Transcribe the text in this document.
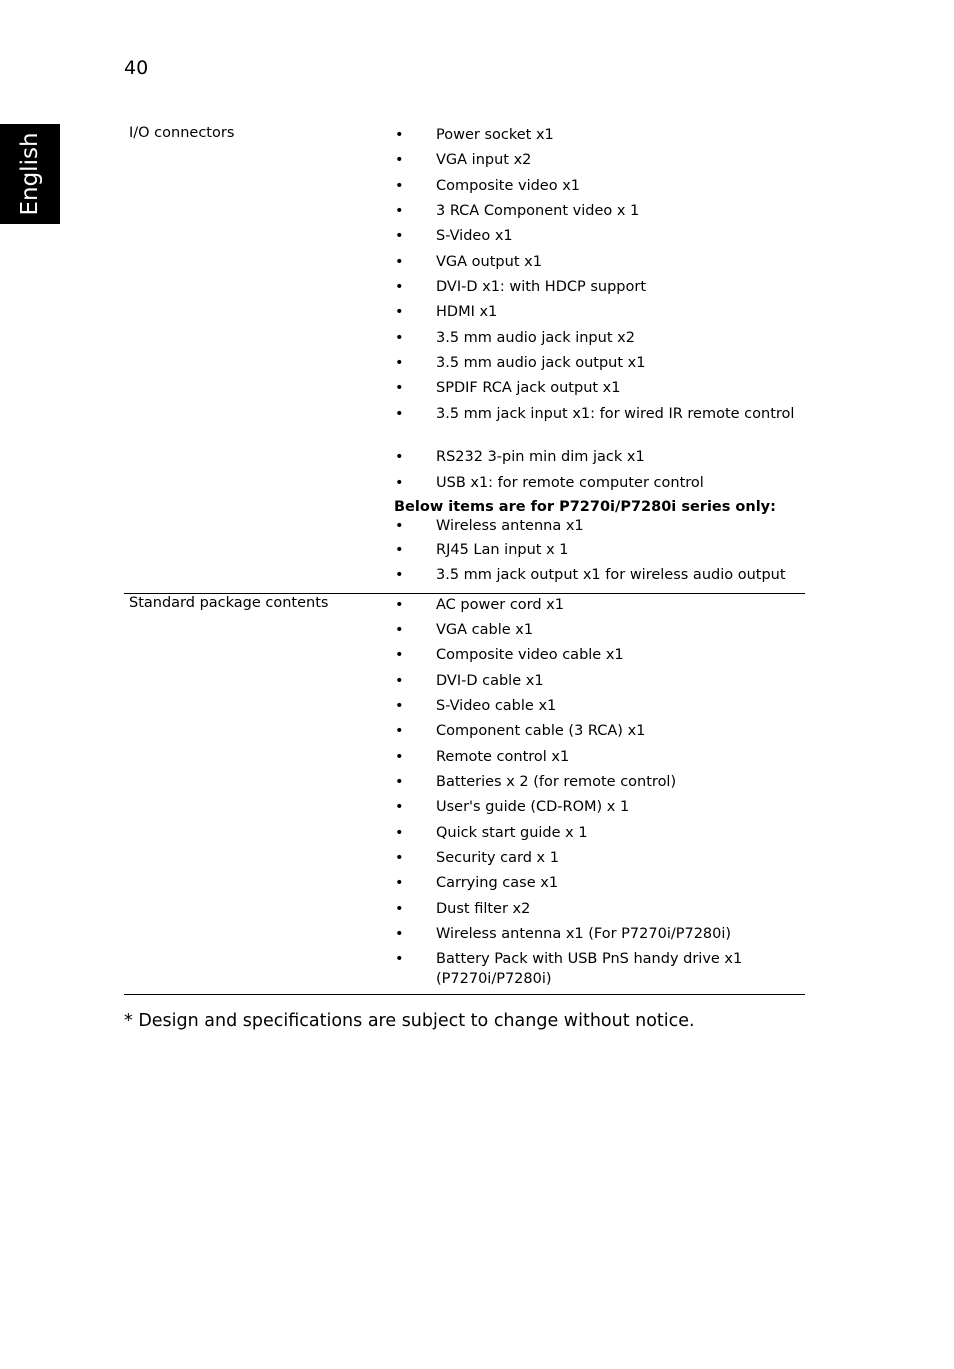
40
English	I/O connectors	• Power socket x1
• VGA input x2
• Composite video x1
• 3 RCA Component video x 1
• S-Video x1
• VGA output x1
• DVI-D x1: with HDCP support
• HDMI x1
• 3.5 mm audio jack input x2
• 3.5 mm audio jack output x1
• SPDIF RCA jack output x1
• 3.5 mm jack input x1: for wired IR remote control
• RS232 3-pin min dim jack x1
• USB x1: for remote computer control
Below items are for P7270i/P7280i series only:
• Wireless antenna x1
• RJ45 Lan input x 1
• 3.5 mm jack output x1 for wireless audio output
Standard package contents	• AC power cord x1
• VGA cable x1
• Composite video cable x1
• DVI-D cable x1
• S-Video cable x1
• Component cable (3 RCA) x1
• Remote control x1
• Batteries x 2 (for remote control)
• User's guide (CD-ROM) x 1
• Quick start guide x 1
• Security card x 1
• Carrying case x1
• Dust filter x2
• Wireless antenna x1 (For P7270i/P7280i)
• Battery Pack with USB PnS handy drive x1 (P7270i/P7280i)
* Design and specifications are subject to change without notice.
